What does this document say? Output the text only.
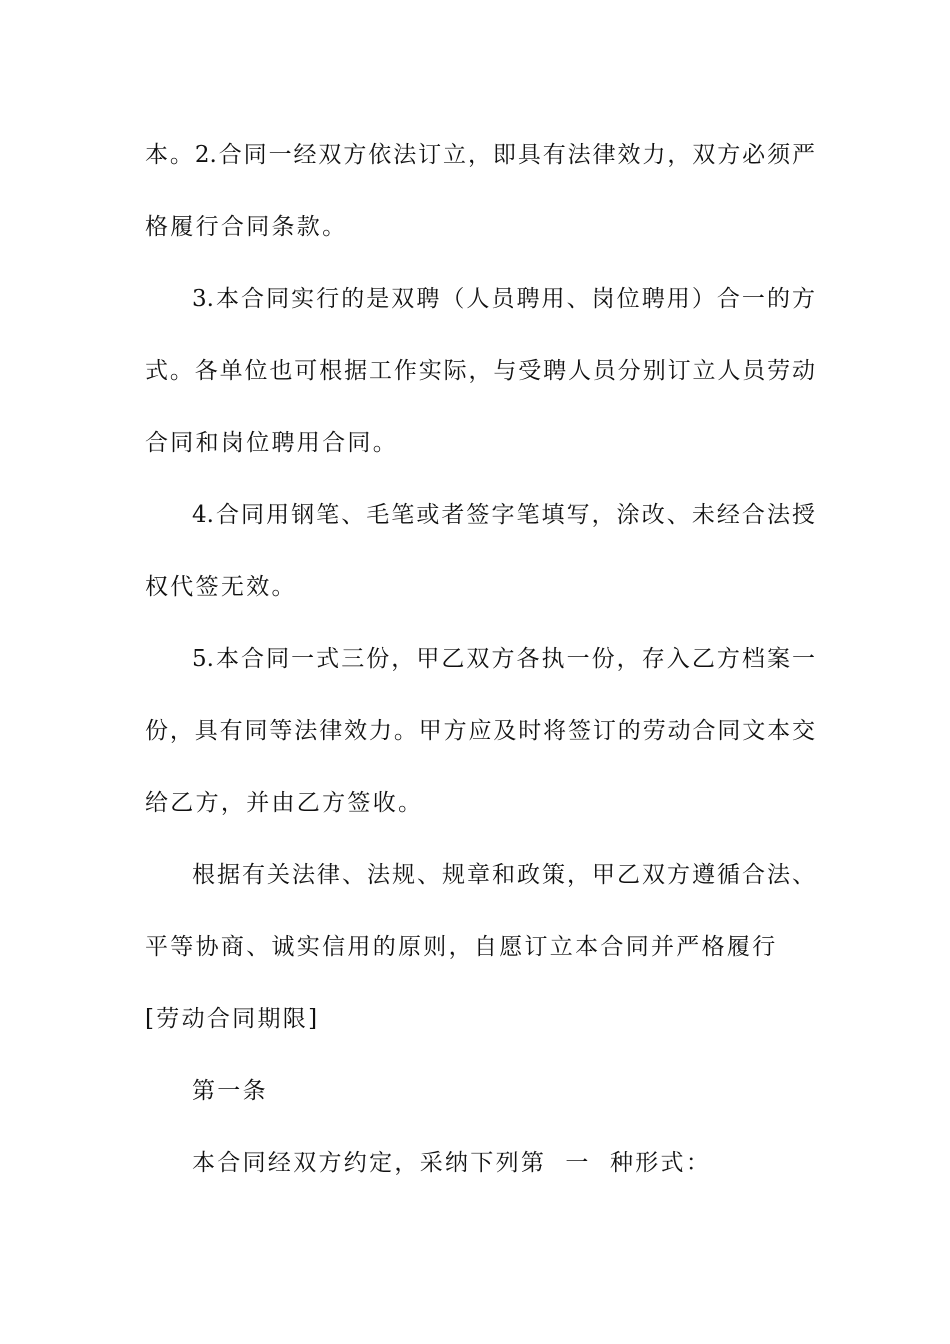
本。2.合同一经双方依法订立，即具有法律效力，双方必须严
格履行合同条款。
3.本合同实行的是双聘（人员聘用、岗位聘用）合一的方
式。各单位也可根据工作实际，与受聘人员分别订立人员劳动
合同和岗位聘用合同。
4.合同用钢笔、毛笔或者签字笔填写，涂改、未经合法授
权代签无效。
5.本合同一式三份，甲乙双方各执一份，存入乙方档案一
份，具有同等法律效力。甲方应及时将签订的劳动合同文本交
给乙方，并由乙方签收。
根据有关法律、法规、规章和政策，甲乙双方遵循合法、
平等协商、诚实信用的原则，自愿订立本合同并严格履行
[劳动合同期限]
第一条
本合同经双方约定，采纳下列第  一  种形式：
